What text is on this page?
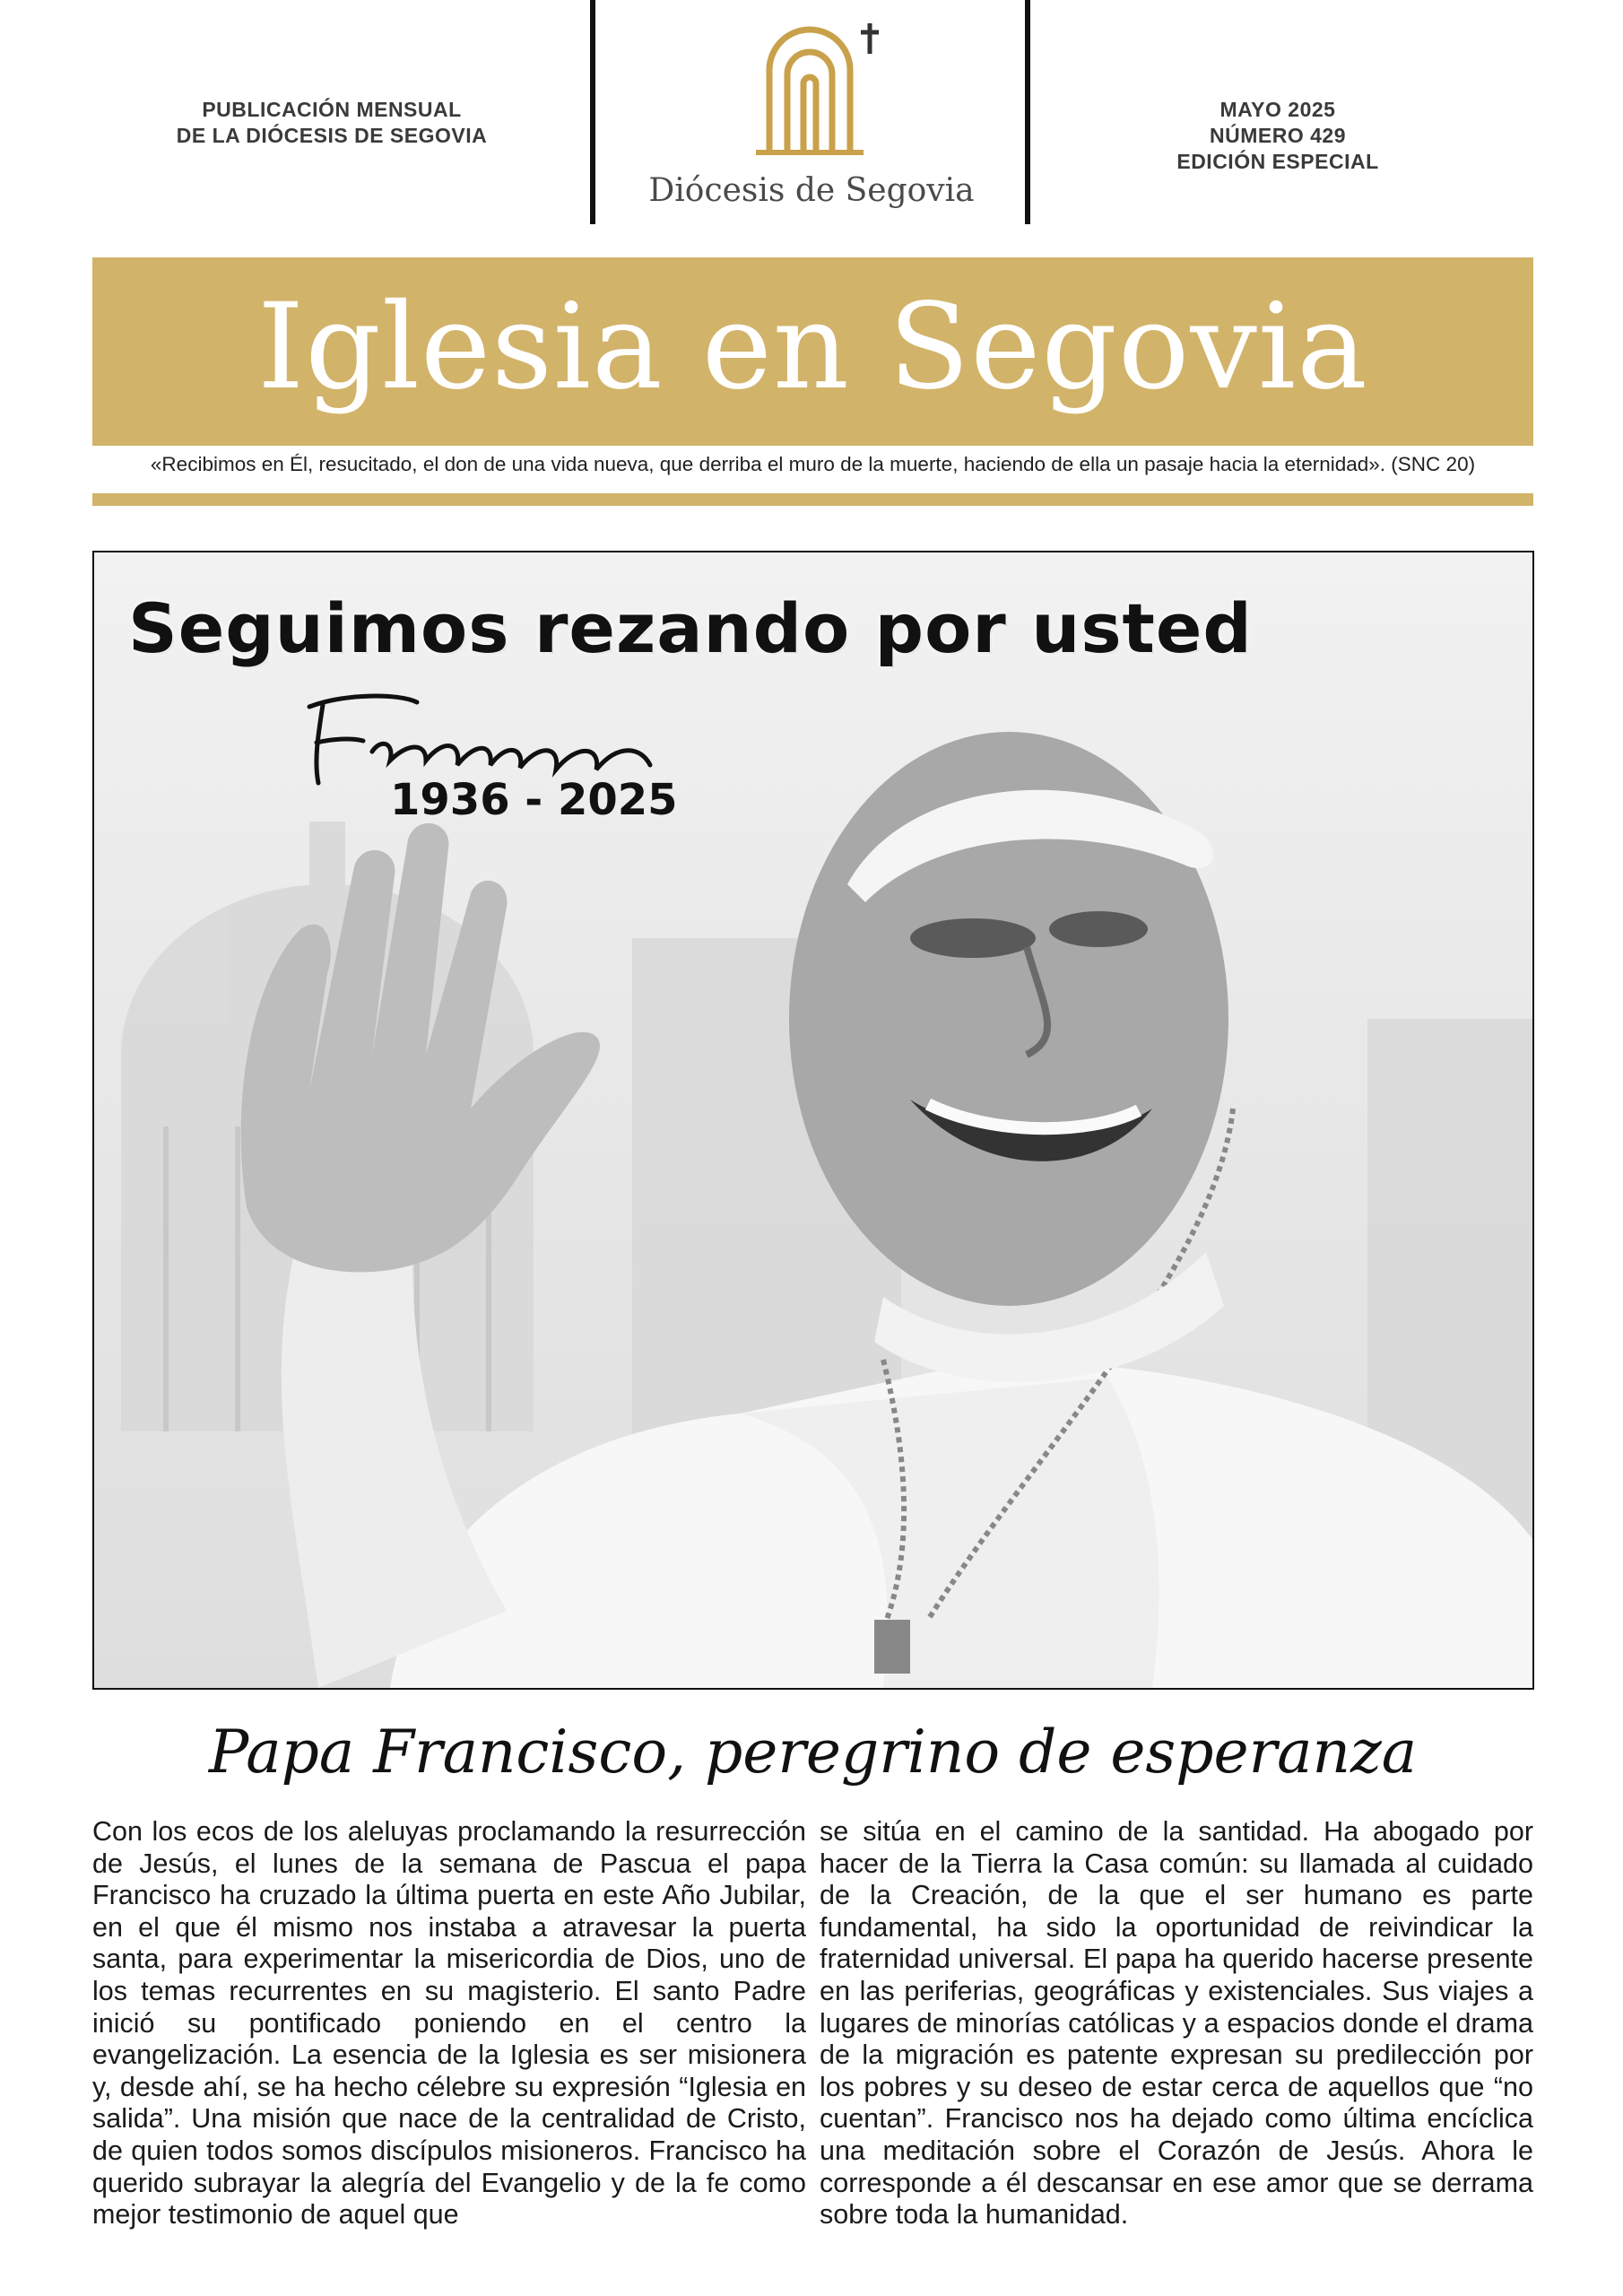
PUBLICACIÓN MENSUAL
DE LA DIÓCESIS DE SEGOVIA
Diócesis de Segovia
MAYO 2025
NÚMERO 429
EDICIÓN ESPECIAL
Iglesia en Segovia
«Recibimos en Él, resucitado, el don de una vida nueva, que derriba el muro de la muerte, haciendo de ella un pasaje hacia la eternidad». (SNC 20)
Seguimos rezando por usted
1936 - 2025
Papa Francisco, peregrino de esperanza
Con los ecos de los aleluyas proclamando la resurrección de Jesús, el lunes de la semana de Pascua el papa Francisco ha cruzado la última puerta en este Año Jubilar, en el que él mismo nos instaba a atravesar la puerta santa, para experimentar la misericordia de Dios, uno de los temas recurrentes en su magisterio. El santo Padre inició su pontificado poniendo en el centro la evangelización. La esencia de la Iglesia es ser misionera y, desde ahí, se ha hecho célebre su expresión “Iglesia en salida”. Una misión que nace de la centralidad de Cristo, de quien todos somos discípulos misioneros. Francisco ha querido subrayar la alegría del Evangelio y de la fe como mejor testimonio de aquel que
se sitúa en el camino de la santidad. Ha abogado por hacer de la Tierra la Casa común: su llamada al cuidado de la Creación, de la que el ser humano es parte fundamental, ha sido la oportunidad de reivindicar la fraternidad universal. El papa ha querido hacerse presente en las periferias, geográficas y existenciales. Sus viajes a lugares de minorías católicas y a espacios donde el drama de la migración es patente expresan su predilección por los pobres y su deseo de estar cerca de aquellos que “no cuentan”. Francisco nos ha dejado como última encíclica una meditación sobre el Corazón de Jesús. Ahora le corresponde a él descansar en ese amor que se derrama sobre toda la humanidad.
